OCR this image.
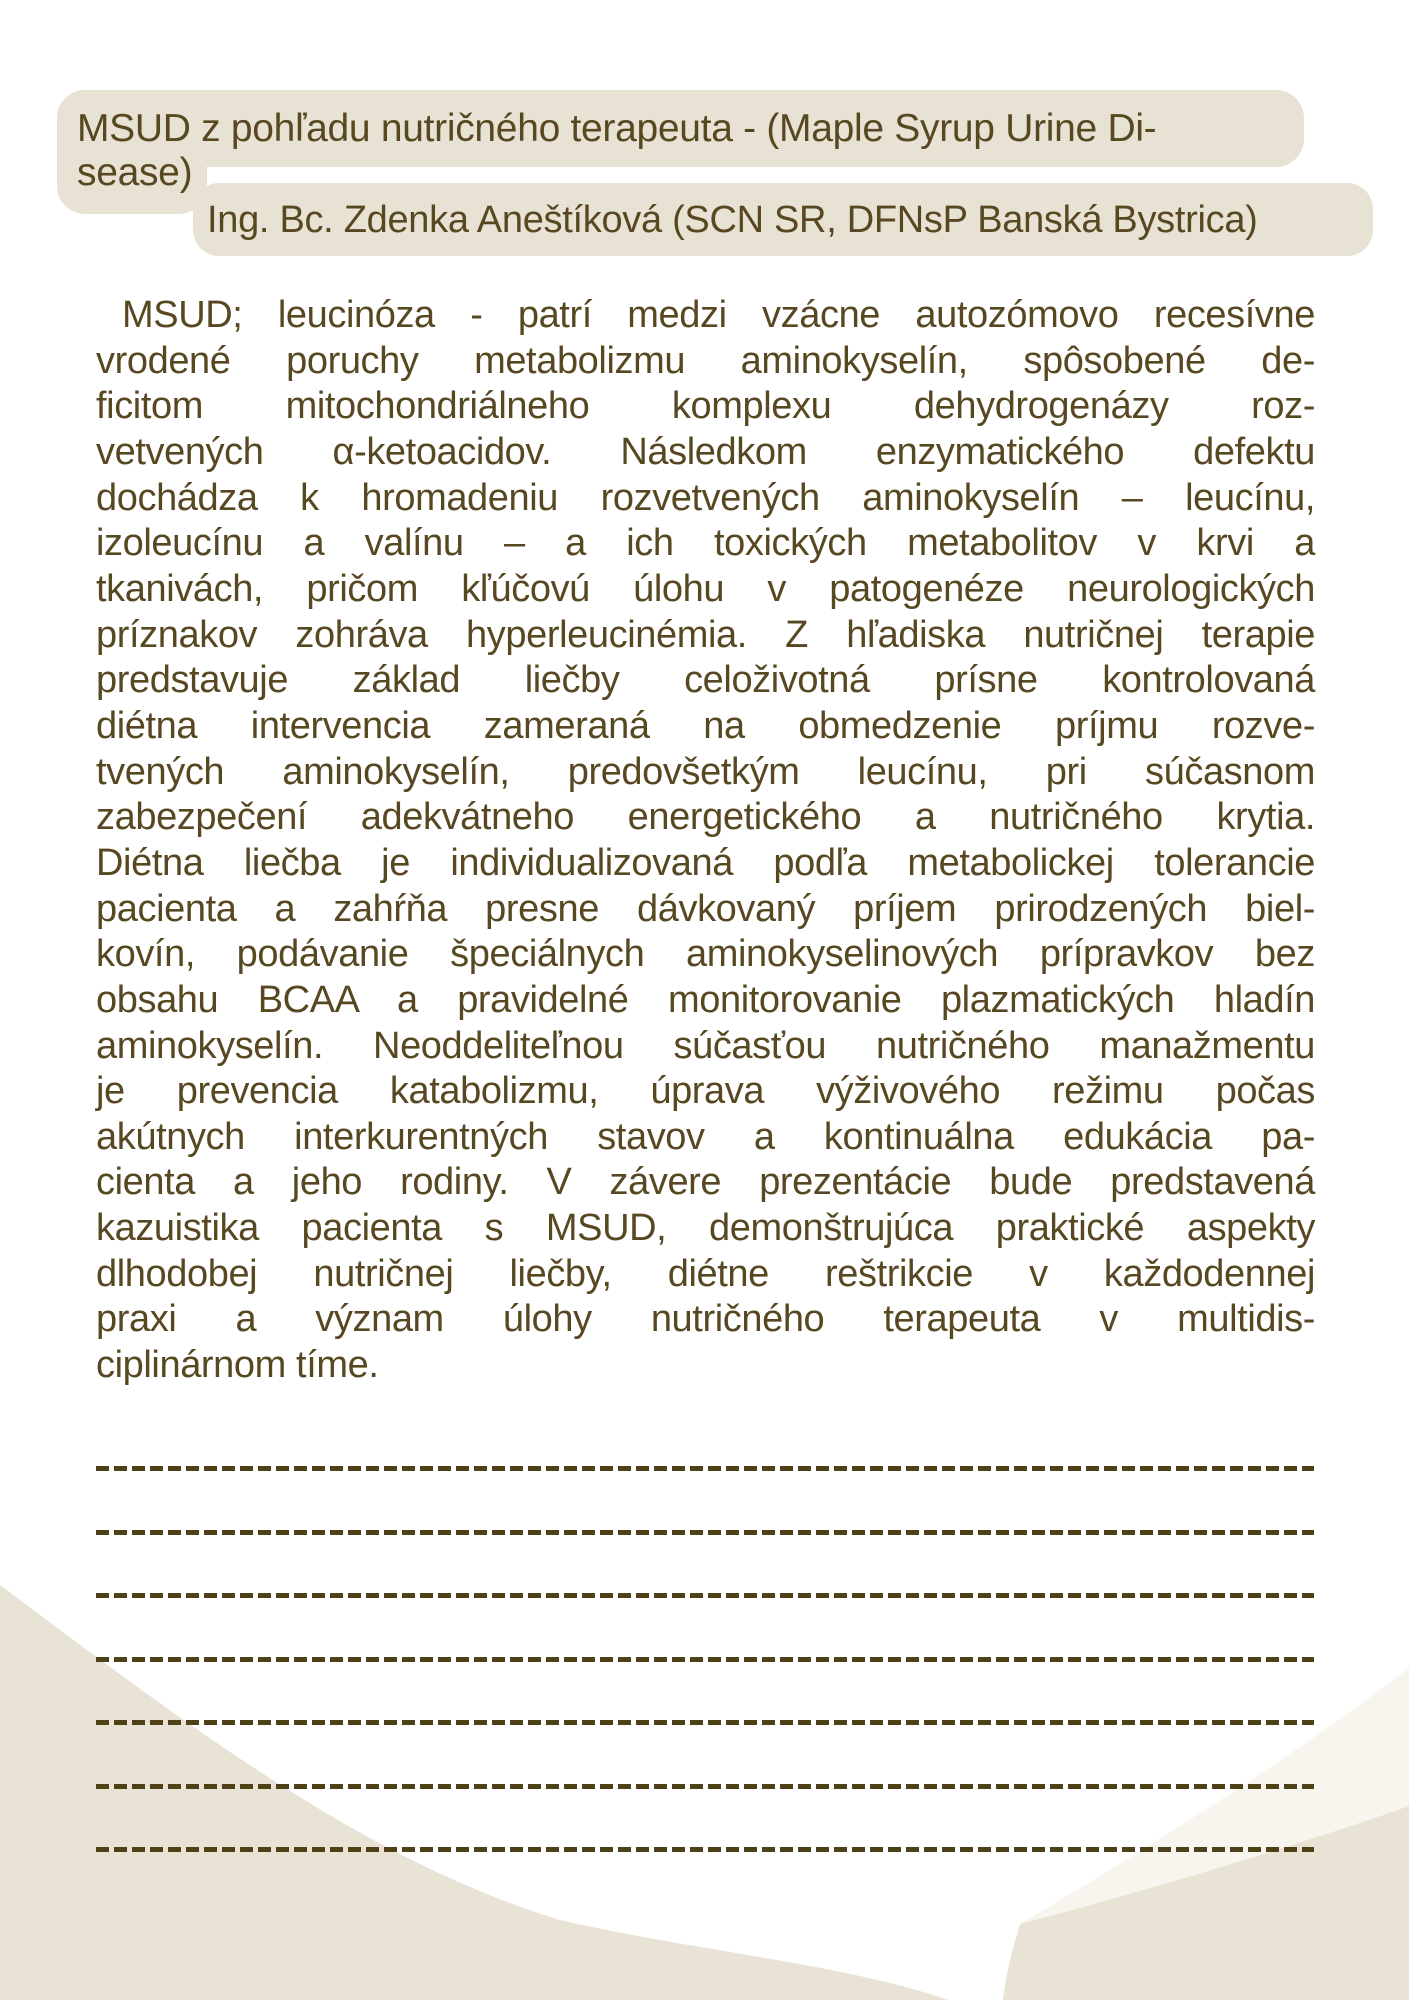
MSUD z pohľadu nutričného terapeuta - (Maple Syrup Urine Di-
sease)
Ing. Bc. Zdenka Aneštíková (SCN SR, DFNsP Banská Bystrica)
MSUD; leucinóza - patrí medzi vzácne autozómovo recesívne
vrodené poruchy metabolizmu aminokyselín, spôsobené de-
ficitom mitochondriálneho komplexu dehydrogenázy roz-
vetvených α-ketoacidov. Následkom enzymatického defektu
dochádza k hromadeniu rozvetvených aminokyselín – leucínu,
izoleucínu a valínu – a ich toxických metabolitov v krvi a
tkanivách, pričom kľúčovú úlohu v patogenéze neurologických
príznakov zohráva hyperleucinémia. Z hľadiska nutričnej terapie
predstavuje základ liečby celoživotná prísne kontrolovaná
diétna intervencia zameraná na obmedzenie príjmu rozve-
tvených aminokyselín, predovšetkým leucínu, pri súčasnom
zabezpečení adekvátneho energetického a nutričného krytia.
Diétna liečba je individualizovaná podľa metabolickej tolerancie
pacienta a zahŕňa presne dávkovaný príjem prirodzených biel-
kovín, podávanie špeciálnych aminokyselinových prípravkov bez
obsahu BCAA a pravidelné monitorovanie plazmatických hladín
aminokyselín. Neoddeliteľnou súčasťou nutričného manažmentu
je prevencia katabolizmu, úprava výživového režimu počas
akútnych interkurentných stavov a kontinuálna edukácia pa-
cienta a jeho rodiny. V závere prezentácie bude predstavená
kazuistika pacienta s MSUD, demonštrujúca praktické aspekty
dlhodobej nutričnej liečby, diétne reštrikcie v každodennej
praxi a význam úlohy nutričného terapeuta v multidis-
ciplinárnom tíme.
